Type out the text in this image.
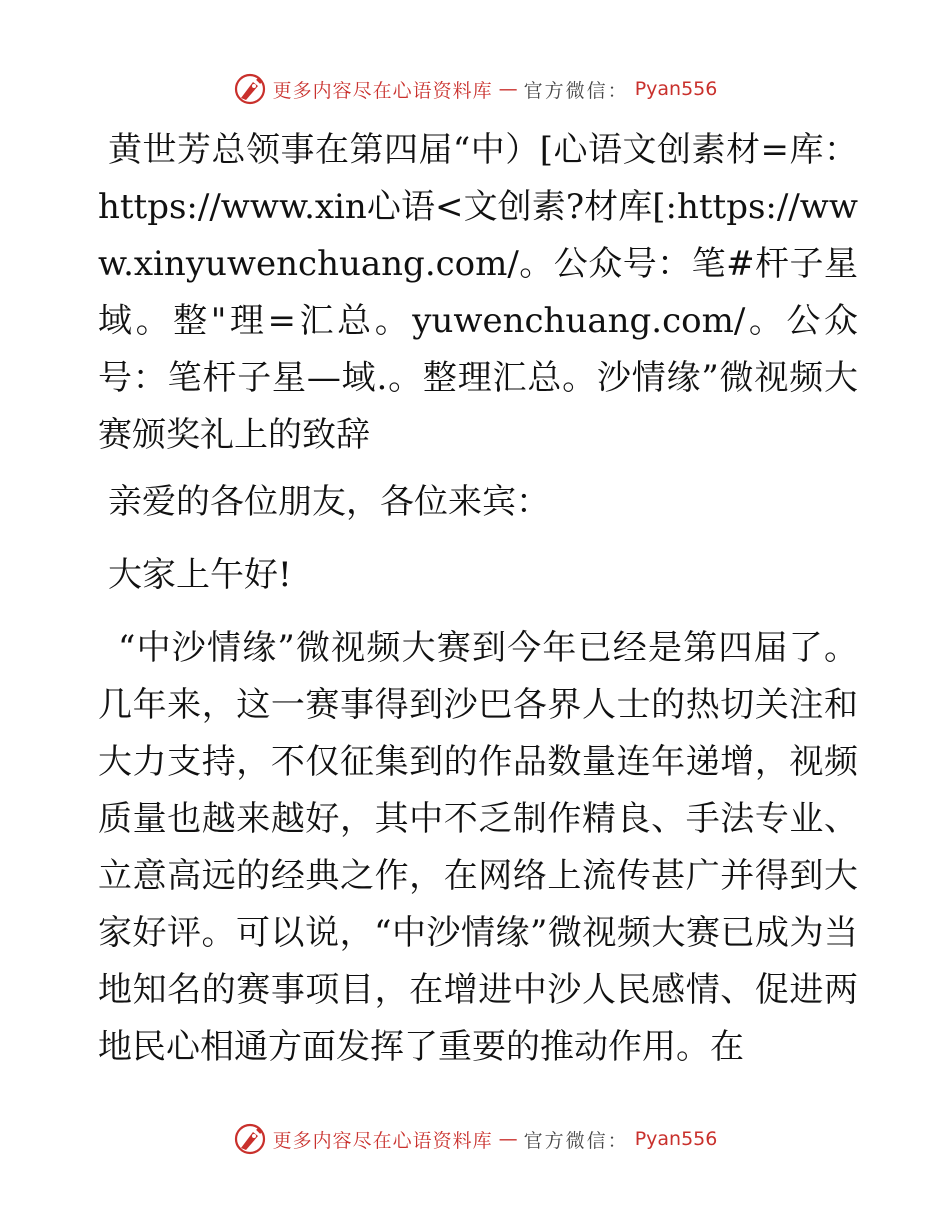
更多内容尽在心语资料库 — 官方微信： Pyan556

黄世芳总领事在第四届“中）[心语文创素材=库：https://www.xin心语<文创素?材库[:https://www.xinyuwenchuang.com/。公众号：笔#杆子星域。整"理=汇总。yuwenchuang.com/。公众号：笔杆子星—域.。整理汇总。沙情缘”微视频大赛颁奖礼上的致辞

亲爱的各位朋友，各位来宾：

大家上午好!

“中沙情缘”微视频大赛到今年已经是第四届了。几年来，这一赛事得到沙巴各界人士的热切关注和大力支持，不仅征集到的作品数量连年递增，视频质量也越来越好，其中不乏制作精良、手法专业、立意高远的经典之作，在网络上流传甚广并得到大家好评。可以说，“中沙情缘”微视频大赛已成为当地知名的赛事项目，在增进中沙人民感情、促进两地民心相通方面发挥了重要的推动作用。在

更多内容尽在心语资料库 — 官方微信： Pyan556
